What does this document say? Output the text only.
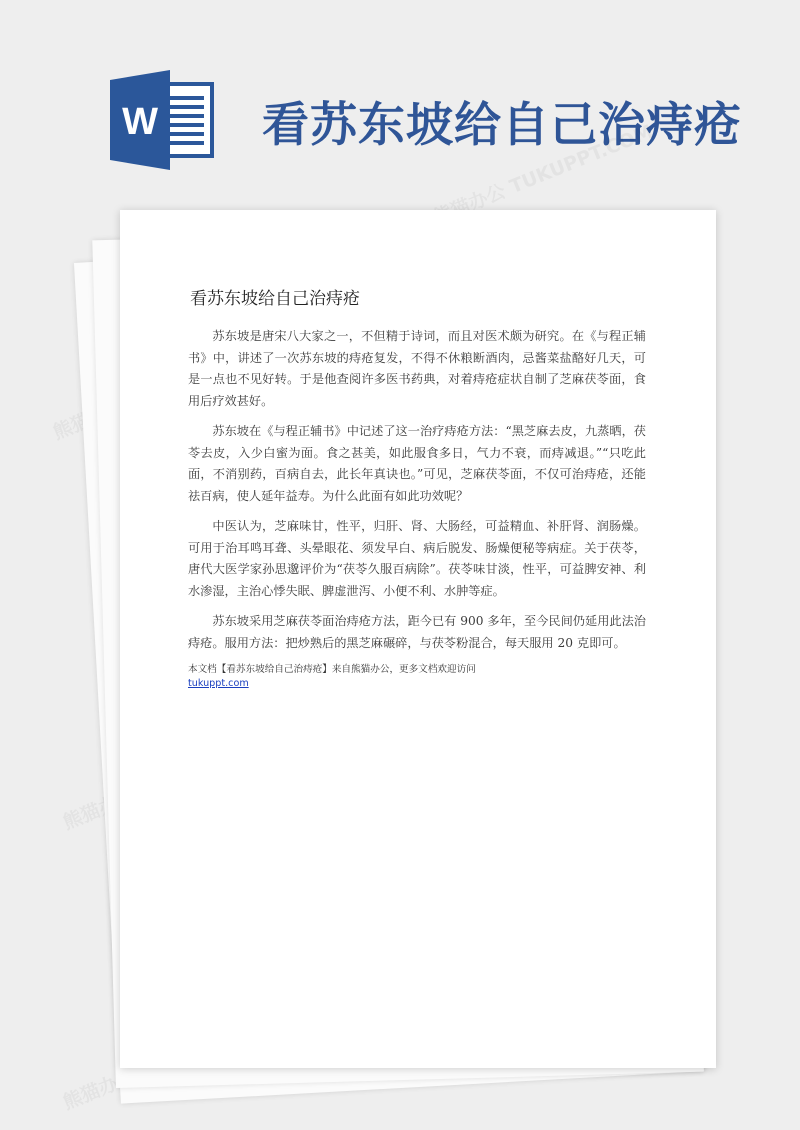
W 看苏东坡给自己治痔疮
看苏东坡给自己治痔疮

苏东坡是唐宋八大家之一，不但精于诗词，而且对医术颇为研究。在《与程正辅书》中，讲述了一次苏东坡的痔疮复发，不得不休粮断酒肉，忌酱菜盐酪好几天，可是一点也不见好转。于是他查阅许多医书药典，对着痔疮症状自制了芝麻茯苓面，食用后疗效甚好。

苏东坡在《与程正辅书》中记述了这一治疗痔疮方法：“黑芝麻去皮，九蒸晒，茯苓去皮，入少白蜜为面。食之甚美，如此服食多日，气力不衰，而痔减退。”“只吃此面，不消别药，百病自去，此长年真诀也。”可见，芝麻茯苓面，不仅可治痔疮，还能祛百病，使人延年益寿。为什么此面有如此功效呢？

中医认为，芝麻味甘，性平，归肝、肾、大肠经，可益精血、补肝肾、润肠燥。可用于治耳鸣耳聋、头晕眼花、须发早白、病后脱发、肠燥便秘等病症。关于茯苓，唐代大医学家孙思邈评价为“茯苓久服百病除”。茯苓味甘淡，性平，可益脾安神、利水渗湿，主治心悸失眠、脾虚泄泻、小便不利、水肿等症。

苏东坡采用芝麻茯苓面治痔疮方法，距今已有 900 多年，至今民间仍延用此法治痔疮。服用方法：把炒熟后的黑芝麻碾碎，与茯苓粉混合，每天服用 20 克即可。

本文档【看苏东坡给自己治痔疮】来自熊猫办公，更多文档欢迎访问
tukuppt.com
